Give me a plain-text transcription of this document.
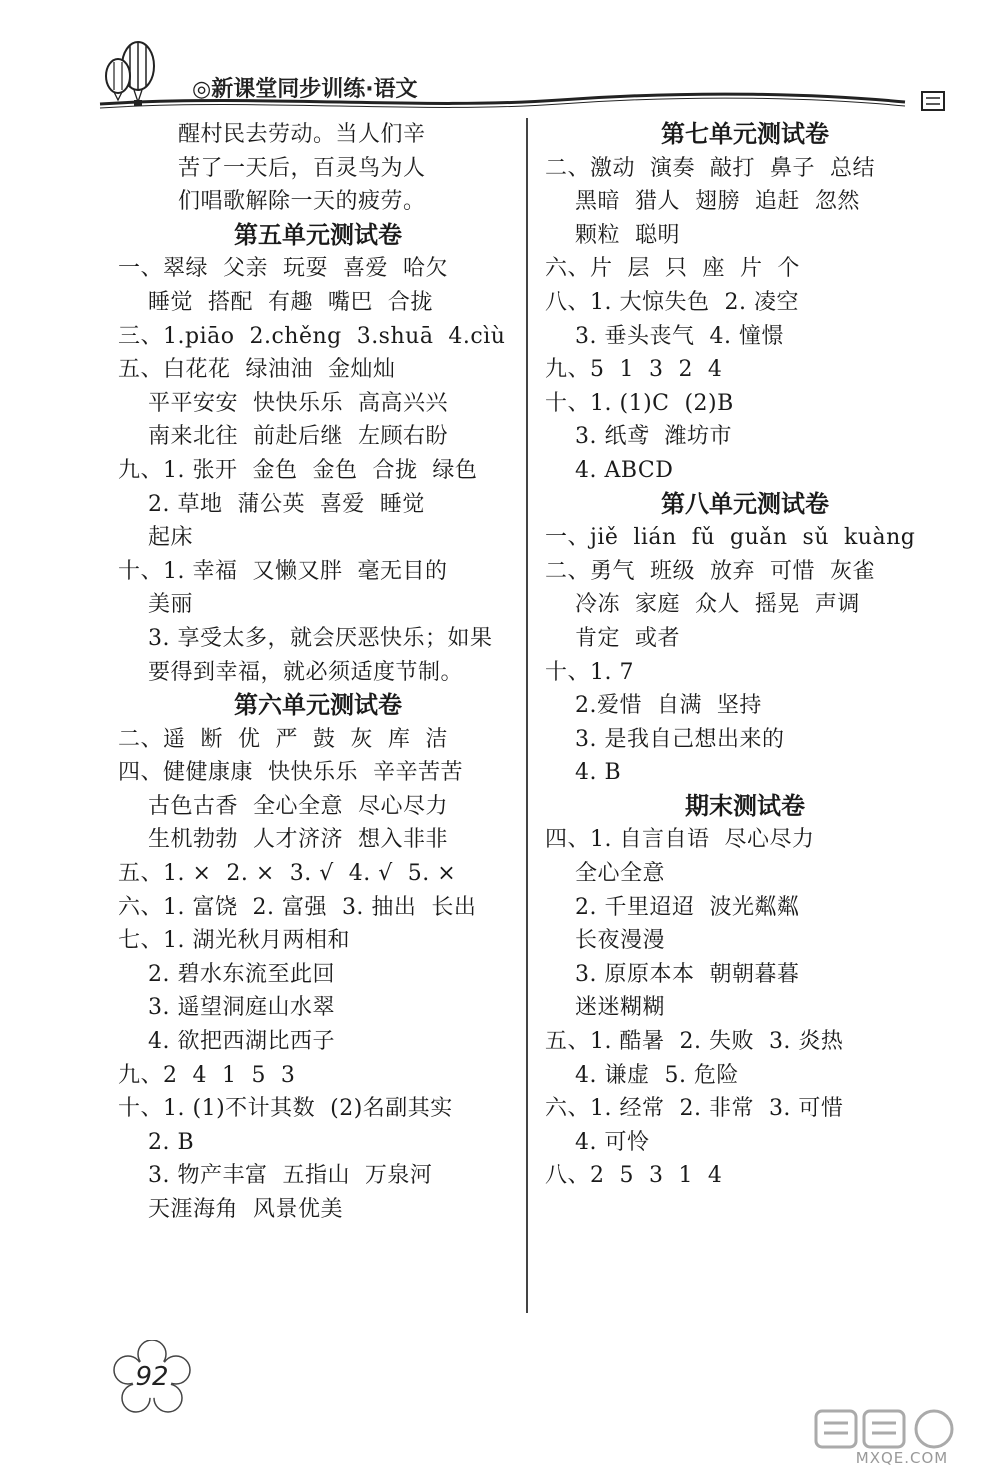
◎新课堂同步训练·语文
醒村民去劳动。当人们辛
苦了一天后，百灵鸟为人
们唱歌解除一天的疲劳。
第五单元测试卷
一、翠绿  父亲  玩耍  喜爱  哈欠
睡觉  搭配  有趣  嘴巴  合拢
三、1.piāo  2.chěng  3.shuā  4.cìù
五、白花花  绿油油  金灿灿
平平安安  快快乐乐  高高兴兴
南来北往  前赴后继  左顾右盼
九、1. 张开  金色  金色  合拢  绿色
2. 草地  蒲公英  喜爱  睡觉
起床
十、1. 幸福  又懒又胖  毫无目的
美丽
3. 享受太多，就会厌恶快乐；如果
要得到幸福，就必须适度节制。
第六单元测试卷
二、遥  断  优  严  鼓  灰  库  洁
四、健健康康  快快乐乐  辛辛苦苦
古色古香  全心全意  尽心尽力
生机勃勃  人才济济  想入非非
五、1. ×  2. ×  3. √  4. √  5. ×
六、1. 富饶  2. 富强  3. 抽出  长出
七、1. 湖光秋月两相和
2. 碧水东流至此回
3. 遥望洞庭山水翠
4. 欲把西湖比西子
九、2  4  1  5  3
十、1. (1)不计其数  (2)名副其实
2. B
3. 物产丰富  五指山  万泉河
天涯海角  风景优美
第七单元测试卷
二、激动  演奏  敲打  鼻子  总结
黑暗  猎人  翅膀  追赶  忽然
颗粒  聪明
六、片  层  只  座  片  个
八、1. 大惊失色  2. 凌空
3. 垂头丧气  4. 憧憬
九、5  1  3  2  4
十、1. (1)C  (2)B
3. 纸鸢  潍坊市
4. ABCD
第八单元测试卷
一、jiě  lián  fǔ  guǎn  sǔ  kuàng
二、勇气  班级  放弃  可惜  灰雀
冷冻  家庭  众人  摇晃  声调
肯定  或者
十、1. 7
2.爱惜  自满  坚持
3. 是我自己想出来的
4. B
期末测试卷
四、1. 自言自语  尽心尽力
全心全意
2. 千里迢迢  波光粼粼
长夜漫漫
3. 原原本本  朝朝暮暮
迷迷糊糊
五、1. 酷暑  2. 失败  3. 炎热
4. 谦虚  5. 危险
六、1. 经常  2. 非常  3. 可惜
4. 可怜
八、2  5  3  1  4
92
MXQE.COM
